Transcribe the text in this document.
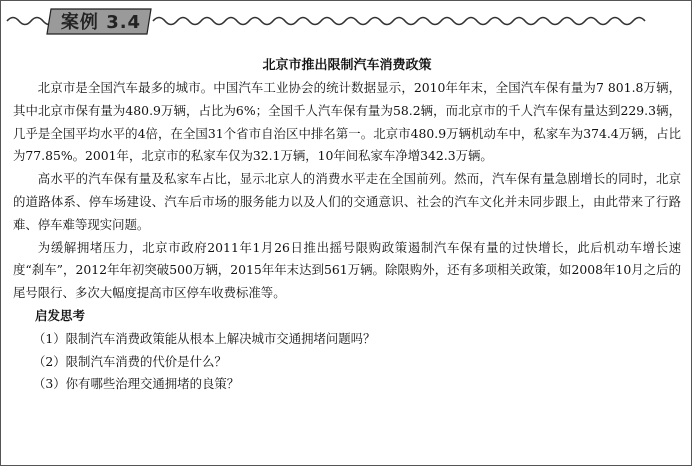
案例 3.4
北京市推出限制汽车消费政策

北京市是全国汽车最多的城市。中国汽车工业协会的统计数据显示，2010年年末，全国汽车保有量为7 801.8万辆，其中北京市保有量为480.9万辆，占比为6%；全国千人汽车保有量为58.2辆，而北京市的千人汽车保有量达到229.3辆，几乎是全国平均水平的4倍，在全国31个省市自治区中排名第一。北京市480.9万辆机动车中，私家车为374.4万辆，占比为77.85%。2001年，北京市的私家车仅为32.1万辆，10年间私家车净增342.3万辆。

高水平的汽车保有量及私家车占比，显示北京人的消费水平走在全国前列。然而，汽车保有量急剧增长的同时，北京的道路体系、停车场建设、汽车后市场的服务能力以及人们的交通意识、社会的汽车文化并未同步跟上，由此带来了行路难、停车难等现实问题。

为缓解拥堵压力，北京市政府2011年1月26日推出摇号限购政策遏制汽车保有量的过快增长，此后机动车增长速度“刹车”，2012年年初突破500万辆，2015年年末达到561万辆。除限购外，还有多项相关政策，如2008年10月之后的尾号限行、多次大幅度提高市区停车收费标准等。

启发思考
（1）限制汽车消费政策能从根本上解决城市交通拥堵问题吗？
（2）限制汽车消费的代价是什么？
（3）你有哪些治理交通拥堵的良策？
